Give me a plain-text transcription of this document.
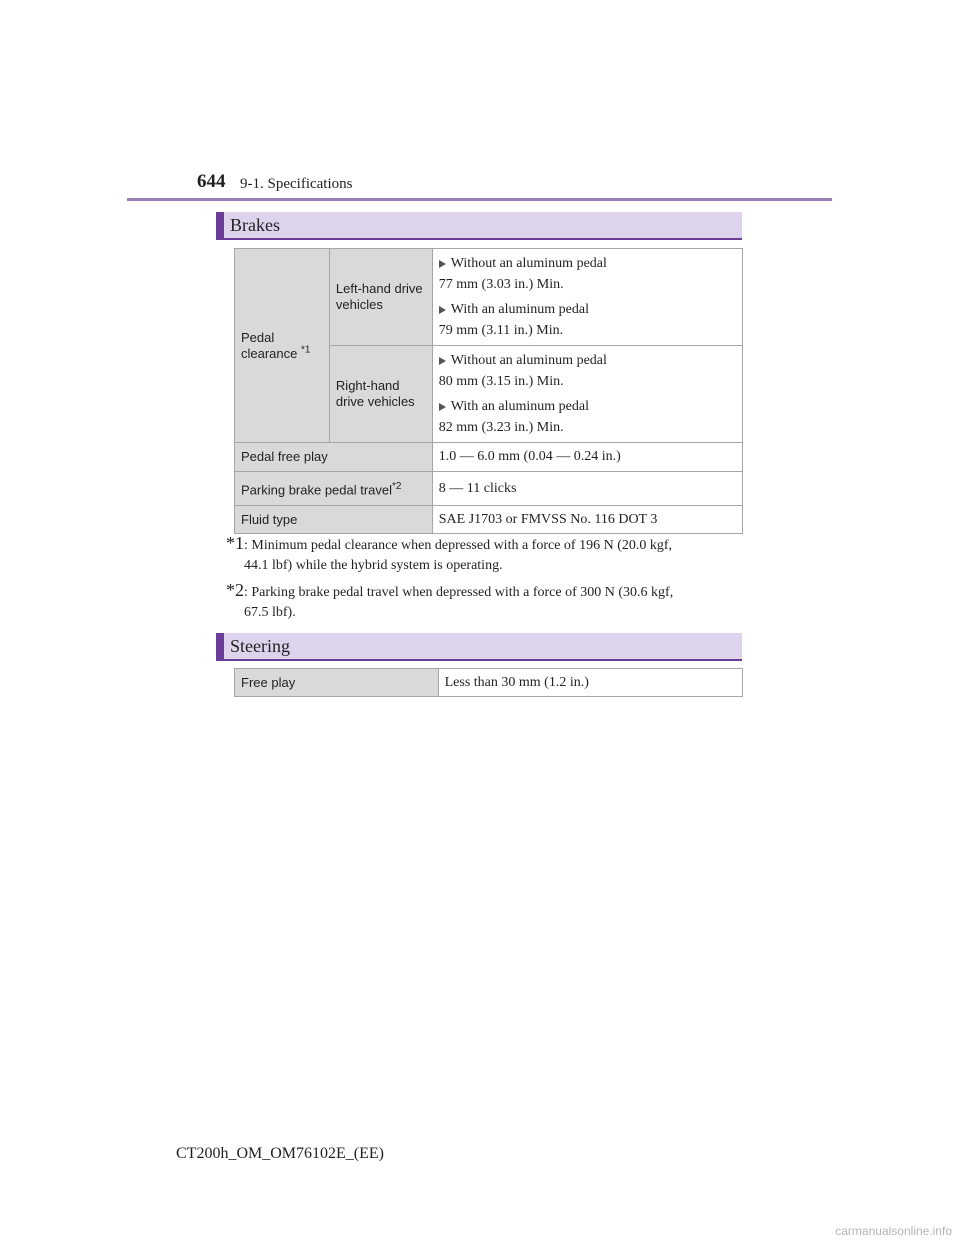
644 9-1. Specifications
Brakes
Pedal clearance $^{*1}$	Left-hand drive vehicles	Without an aluminum pedal
77 mm (3.03 in.) Min.
With an aluminum pedal
79 mm (3.11 in.) Min.

	Right-hand drive vehicles	Without an aluminum pedal
80 mm (3.15 in.) Min.
With an aluminum pedal
82 mm (3.23 in.) Min.

Pedal free play		1.0 — 6.0 mm (0.04 — 0.24 in.)
Parking brake pedal travel$^{*2}$		8 — 11 clicks
Fluid type		SAE J1703 or FMVSS No. 116 DOT 3
*1: Minimum pedal clearance when depressed with a force of 196 N (20.0 kgf,
44.1 lbf) while the hybrid system is operating.
*2: Parking brake pedal travel when depressed with a force of 300 N (30.6 kgf,
67.5 lbf).
Steering
Free play	Less than 30 mm (1.2 in.)
CT200h_OM_OM76102E_(EE)
carmanualsonline.info
